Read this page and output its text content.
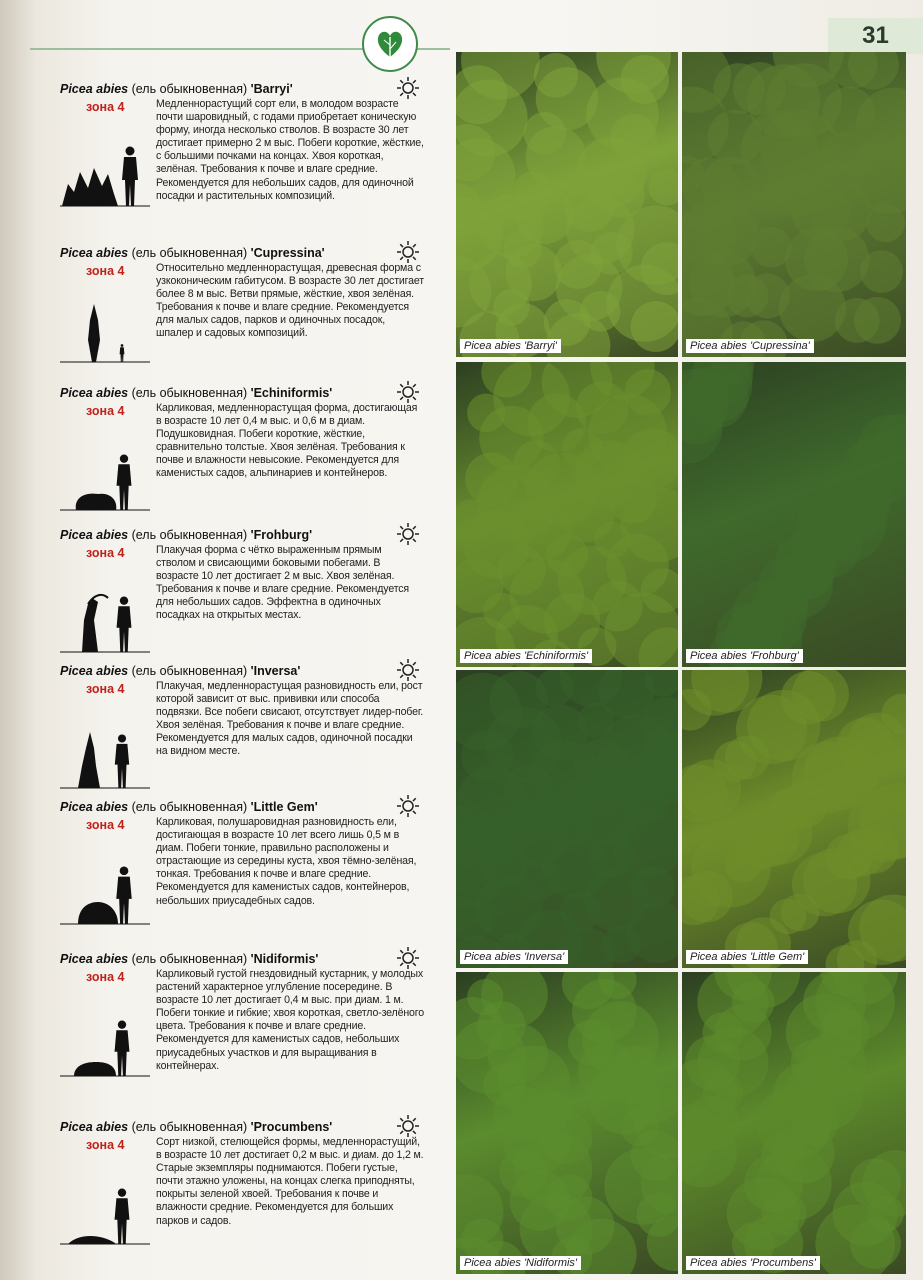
31
Picea abies (ель обыкновенная) 'Barryi'
зона 4	Медленнорастущий сорт ели, в молодом возрасте почти шаровидный, с годами приобретает коническую форму, иногда несколько стволов. В возрасте 30 лет достигает примерно 2 м выс. Побеги короткие, жёсткие, с большими почками на концах. Хвоя короткая, зелёная. Требования к почве и влаге средние. Рекомендуется для небольших садов, для одиночной посадки и растительных композиций.
Picea abies (ель обыкновенная) 'Cupressina'
зона 4	Относительно медленнорастущая, древесная форма с узкоконическим габитусом. В возрасте 30 лет достигает более 8 м выс. Ветви прямые, жёсткие, хвоя зелёная. Требования к почве и влаге средние. Рекомендуется для малых садов, парков и одиночных посадок, шпалер и садовых композиций.
Picea abies (ель обыкновенная) 'Echiniformis'
зона 4	Карликовая, медленнорастущая форма, достигающая в возрасте 10 лет 0,4 м выс. и 0,6 м в диам. Подушковидная. Побеги короткие, жёсткие, сравнительно толстые. Хвоя зелёная. Требования к почве и влажности невысокие. Рекомендуется для каменистых садов, альпинариев и контейнеров.
Picea abies (ель обыкновенная) 'Frohburg'
зона 4	Плакучая форма с чётко выраженным прямым стволом и свисающими боковыми побегами. В возрасте 10 лет достигает 2 м выс. Хвоя зелёная. Требования к почве и влаге средние. Рекомендуется для небольших садов. Эффектна в одиночных посадках на открытых местах.
Picea abies (ель обыкновенная) 'Inversa'
зона 4	Плакучая, медленнорастущая разновидность ели, рост которой зависит от выс. прививки или способа подвязки. Все побеги свисают, отсутствует лидер-побег. Хвоя зелёная. Требования к почве и влаге средние. Рекомендуется для малых садов, одиночной посадки на видном месте.
Picea abies (ель обыкновенная) 'Little Gem'
зона 4	Карликовая, полушаровидная разновидность ели, достигающая в возрасте 10 лет всего лишь 0,5 м в диам. Побеги тонкие, правильно расположены и отрастающие из середины куста, хвоя тёмно-зелёная, тонкая. Требования к почве и влаге средние. Рекомендуется для каменистых садов, контейнеров, небольших приусадебных садов.
Picea abies (ель обыкновенная) 'Nidiformis'
зона 4	Карликовый густой гнездовидный кустарник, у молодых растений характерное углубление посередине. В возрасте 10 лет достигает 0,4 м выс. при диам. 1 м. Побеги тонкие и гибкие; хвоя короткая, светло-зелёного цвета. Требования к почве и влаге средние. Рекомендуется для каменистых садов, небольших приусадебных участков и для выращивания в контейнерах.
Picea abies (ель обыкновенная) 'Procumbens'
зона 4	Сорт низкой, стелющейся формы, медленнорастущий, в возрасте 10 лет достигает 0,2 м выс. и диам. до 1,2 м. Старые экземпляры поднимаются. Побеги густые, почти этажно уложены, на концах слегка приподняты, покрыты зеленой хвоей. Требования к почве и влажности средние. Рекомендуется для больших парков и садов.
Picea abies 'Barryi'	Picea abies 'Cupressina'
Picea abies 'Echiniformis'	Picea abies 'Frohburg'
Picea abies 'Inversa'	Picea abies 'Little Gem'
Picea abies 'Nidiformis'	Picea abies 'Procumbens'
